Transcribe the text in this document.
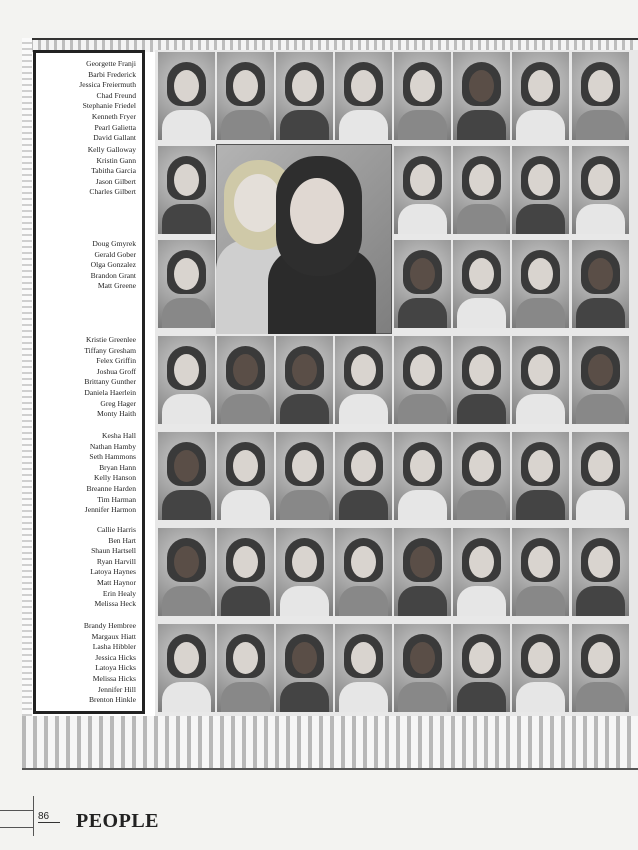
Georgette Franji
Barbi Frederick
Jessica Freiermuth
Chad Freund
Stephanie Friedel
Kenneth Fryer
Pearl Galietta
David Gallant
Kelly Galloway
Kristin Gann
Tabitha Garcia
Jason Gilbert
Charles Gilbert
Doug Gmyrek
Gerald Gober
Olga Gonzalez
Brandon Grant
Matt Greene
Kristie Greenlee
Tiffany Gresham
Felex Griffin
Joshua Groff
Brittany Gunther
Daniela Haerlein
Greg Hager
Monty Haith
Kesha Hall
Nathan Hamby
Seth Hammons
Bryan Hann
Kelly Hanson
Breanne Harden
Tim Harman
Jennifer Harmon
Callie Harris
Ben Hart
Shaun Hartsell
Ryan Harvill
Latoya Haynes
Matt Haynor
Erin Healy
Melissa Heck
Brandy Hembree
Margaux Hiatt
Lasha Hibbler
Jessica Hicks
Latoya Hicks
Melissa Hicks
Jennifer Hill
Brenton Hinkle
86	PEOPLE
